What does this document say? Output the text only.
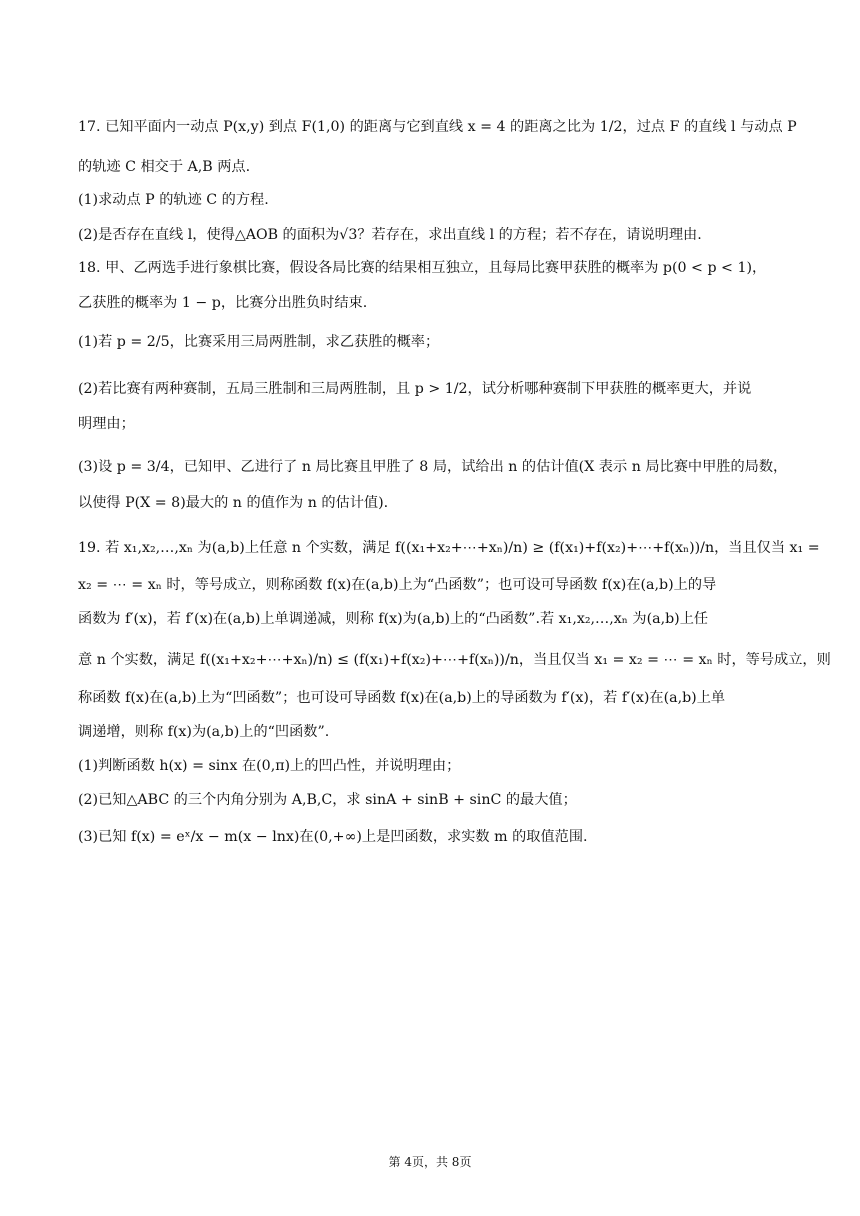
17. 已知平面内一动点 P(x,y) 到点 F(1,0) 的距离与它到直线 x = 4 的距离之比为 1/2，过点 F 的直线 l 与动点 P
的轨迹 C 相交于 A,B 两点.
(1)求动点 P 的轨迹 C 的方程.
(2)是否存在直线 l，使得△AOB 的面积为√3？若存在，求出直线 l 的方程；若不存在，请说明理由.
18. 甲、乙两选手进行象棋比赛，假设各局比赛的结果相互独立，且每局比赛甲获胜的概率为 p(0 < p < 1)，
乙获胜的概率为 1 − p，比赛分出胜负时结束.
(1)若 p = 2/5，比赛采用三局两胜制，求乙获胜的概率；
(2)若比赛有两种赛制，五局三胜制和三局两胜制，且 p > 1/2，试分析哪种赛制下甲获胜的概率更大，并说
明理由；
(3)设 p = 3/4，已知甲、乙进行了 n 局比赛且甲胜了 8 局，试给出 n 的估计值(X 表示 n 局比赛中甲胜的局数，
以使得 P(X = 8)最大的 n 的值作为 n 的估计值).
19. 若 x₁,x₂,…,xₙ 为(a,b)上任意 n 个实数，满足 f((x₁+x₂+⋯+xₙ)/n) ≥ (f(x₁)+f(x₂)+⋯+f(xₙ))/n，当且仅当 x₁ =
x₂ = ⋯ = xₙ 时，等号成立，则称函数 f(x)在(a,b)上为“凸函数”；也可设可导函数 f(x)在(a,b)上的导
函数为 f′(x)，若 f′(x)在(a,b)上单调递减，则称 f(x)为(a,b)上的“凸函数”.若 x₁,x₂,…,xₙ 为(a,b)上任
意 n 个实数，满足 f((x₁+x₂+⋯+xₙ)/n) ≤ (f(x₁)+f(x₂)+⋯+f(xₙ))/n，当且仅当 x₁ = x₂ = ⋯ = xₙ 时，等号成立，则
称函数 f(x)在(a,b)上为“凹函数”；也可设可导函数 f(x)在(a,b)上的导函数为 f′(x)，若 f′(x)在(a,b)上单
调递增，则称 f(x)为(a,b)上的“凹函数”.
(1)判断函数 h(x) = sinx 在(0,π)上的凹凸性，并说明理由；
(2)已知△ABC 的三个内角分别为 A,B,C，求 sinA + sinB + sinC 的最大值；
(3)已知 f(x) = eˣ/x − m(x − lnx)在(0,+∞)上是凹函数，求实数 m 的取值范围.
第 4页，共 8页
